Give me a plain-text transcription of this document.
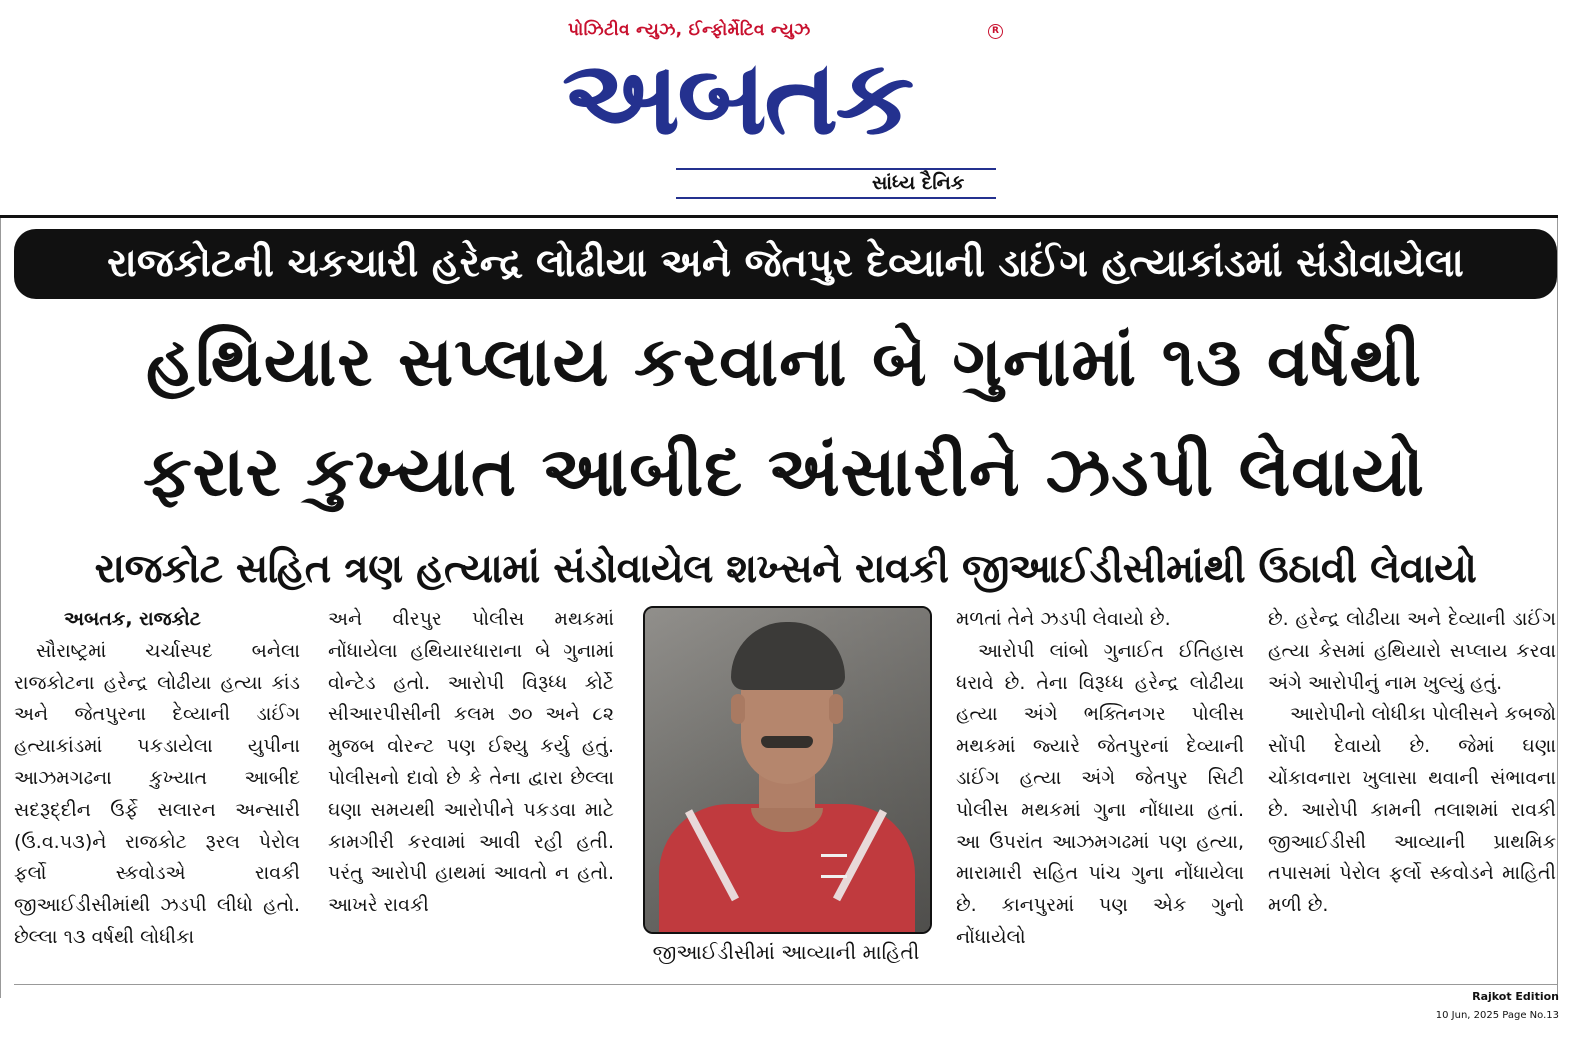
પોઝિટીવ ન્યુઝ, ઈન્ફોર્મેટિવ ન્યુઝ	R
અબતક
સાંધ્ય દૈનિક
રાજકોટની ચકચારી હરેન્દ્ર લોઢીયા અને જેતપુર દેવ્યાની ડાઈંગ હત્યાકાંડમાં સંડોવાયેલા
હથિયાર સપ્લાય કરવાના બે ગુનામાં ૧૩ વર્ષથી
ફરાર કુખ્યાત આબીદ અંસારીને ઝડપી લેવાયો
રાજકોટ સહિત ત્રણ હત્યામાં સંડોવાયેલ શખ્સને રાવકી જીઆઈડીસીમાંથી ઉઠાવી લેવાયો

અબતક, રાજકોટ

સૌરાષ્ટ્રમાં ચર્ચાસ્પદ બનેલા રાજકોટના હરેન્દ્ર લોઢીયા હત્યા કાંડ અને જેતપુરના દેવ્યાની ડાઈંગ હત્યાકાંડમાં પકડાયેલા યુપીના આઝમગઢના કુખ્યાત આબીદ સદરૂદ્દીન ઉર્ફે સલારન અન્સારી (ઉ.વ.૫૩)ને રાજકોટ રૂરલ પેરોલ ફર્લો સ્કવોડએ રાવકી જીઆઈડીસીમાંથી ઝડપી લીધો હતો. છેલ્લા ૧૩ વર્ષથી લોધીકા

અને વીરપુર પોલીસ મથકમાં નોંધાયેલા હથિયારધારાના બે ગુનામાં વોન્ટેડ હતો. આરોપી વિરૂધ્ધ કોર્ટે સીઆરપીસીની કલમ ૭૦ અને ૮૨ મુજબ વોરન્ટ પણ ઈશ્યુ કર્યુ હતું. પોલીસનો દાવો છે કે તેના દ્વારા છેલ્લા ઘણા સમયથી આરોપીને પકડવા માટે કામગીરી કરવામાં આવી રહી હતી. પરંતુ આરોપી હાથમાં આવતો ન હતો. આખરે રાવકી

જીઆઈડીસીમાં આવ્યાની માહિતી

મળતાં તેને ઝડપી લેવાયો છે.

આરોપી લાંબો ગુનાઈત ઈતિહાસ ધરાવે છે. તેના વિરૂધ્ધ હરેન્દ્ર લોઢીયા હત્યા અંગે ભક્તિનગર પોલીસ મથકમાં જ્યારે જેતપુરનાં દેવ્યાની ડાઈંગ હત્યા અંગે જેતપુર સિટી પોલીસ મથકમાં ગુના નોંધાયા હતાં. આ ઉપરાંત આઝમગઢમાં પણ હત્યા, મારામારી સહિત પાંચ ગુના નોંધાયેલા છે. કાનપુરમાં પણ એક ગુનો નોંધાયેલો

છે. હરેન્દ્ર લોઢીયા અને દેવ્યાની ડાઈંગ હત્યા કેસમાં હથિયારો સપ્લાય કરવા અંગે આરોપીનું નામ ખુલ્યું હતું.

આરોપીનો લોધીકા પોલીસને કબજો સોંપી દેવાયો છે. જેમાં ઘણા ચોંકાવનારા ખુલાસા થવાની સંભાવના છે. આરોપી કામની તલાશમાં રાવકી જીઆઈડીસી આવ્યાની પ્રાથમિક તપાસમાં પેરોલ ફર્લો સ્કવોડને માહિતી મળી છે.

Rajkot Edition
10 Jun, 2025 Page No.13
